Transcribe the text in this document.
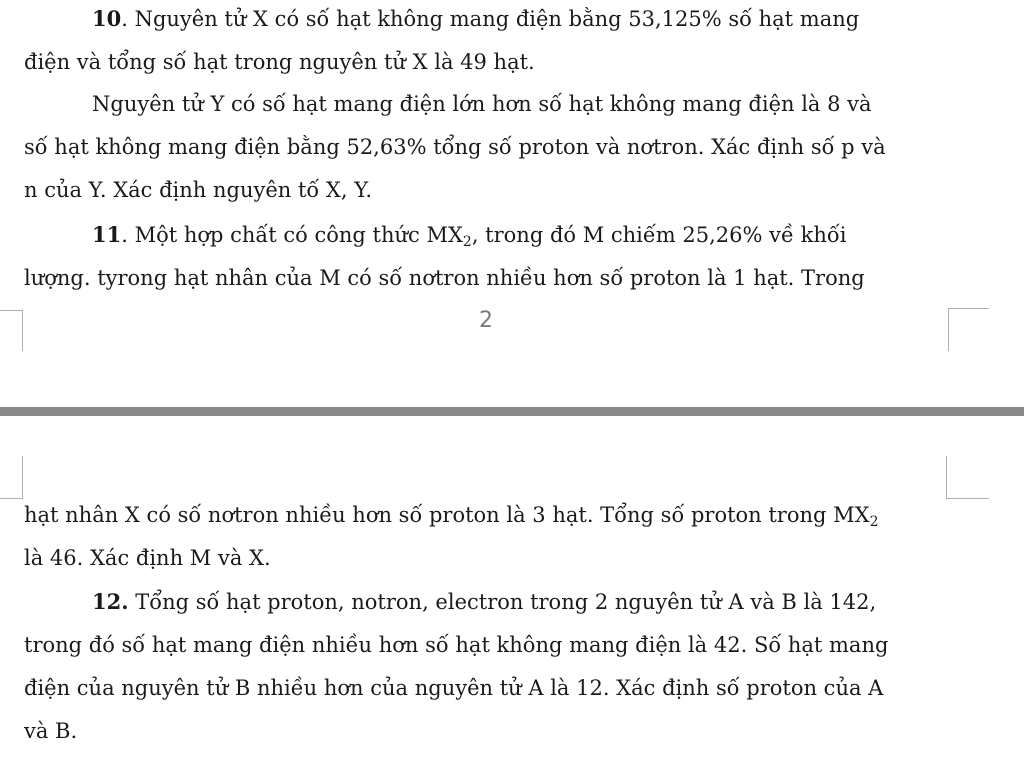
10. Nguyên tử X có số hạt không mang điện bằng 53,125% số hạt mang
điện và tổng số hạt trong nguyên tử X là 49 hạt.
Nguyên tử Y có số hạt mang điện lớn hơn số hạt không mang điện là 8 và
số hạt không mang điện bằng 52,63% tổng số proton và nơtron. Xác định số p và
n của Y. Xác định nguyên tố X, Y.
11. Một hợp chất có công thức $MX_2$, trong đó M chiếm 25,26% về khối
lượng. tyrong hạt nhân của M có số nơtron nhiều hơn số proton là 1 hạt. Trong
2
hạt nhân X có số nơtron nhiều hơn số proton là 3 hạt. Tổng số proton trong $MX_2$
là 46. Xác định M và X.
12. Tổng số hạt proton, notron, electron trong 2 nguyên tử A và B là 142,
trong đó số hạt mang điện nhiều hơn số hạt không mang điện là 42. Số hạt mang
điện của nguyên tử B nhiều hơn của nguyên tử A là 12. Xác định số proton của A
và B.
